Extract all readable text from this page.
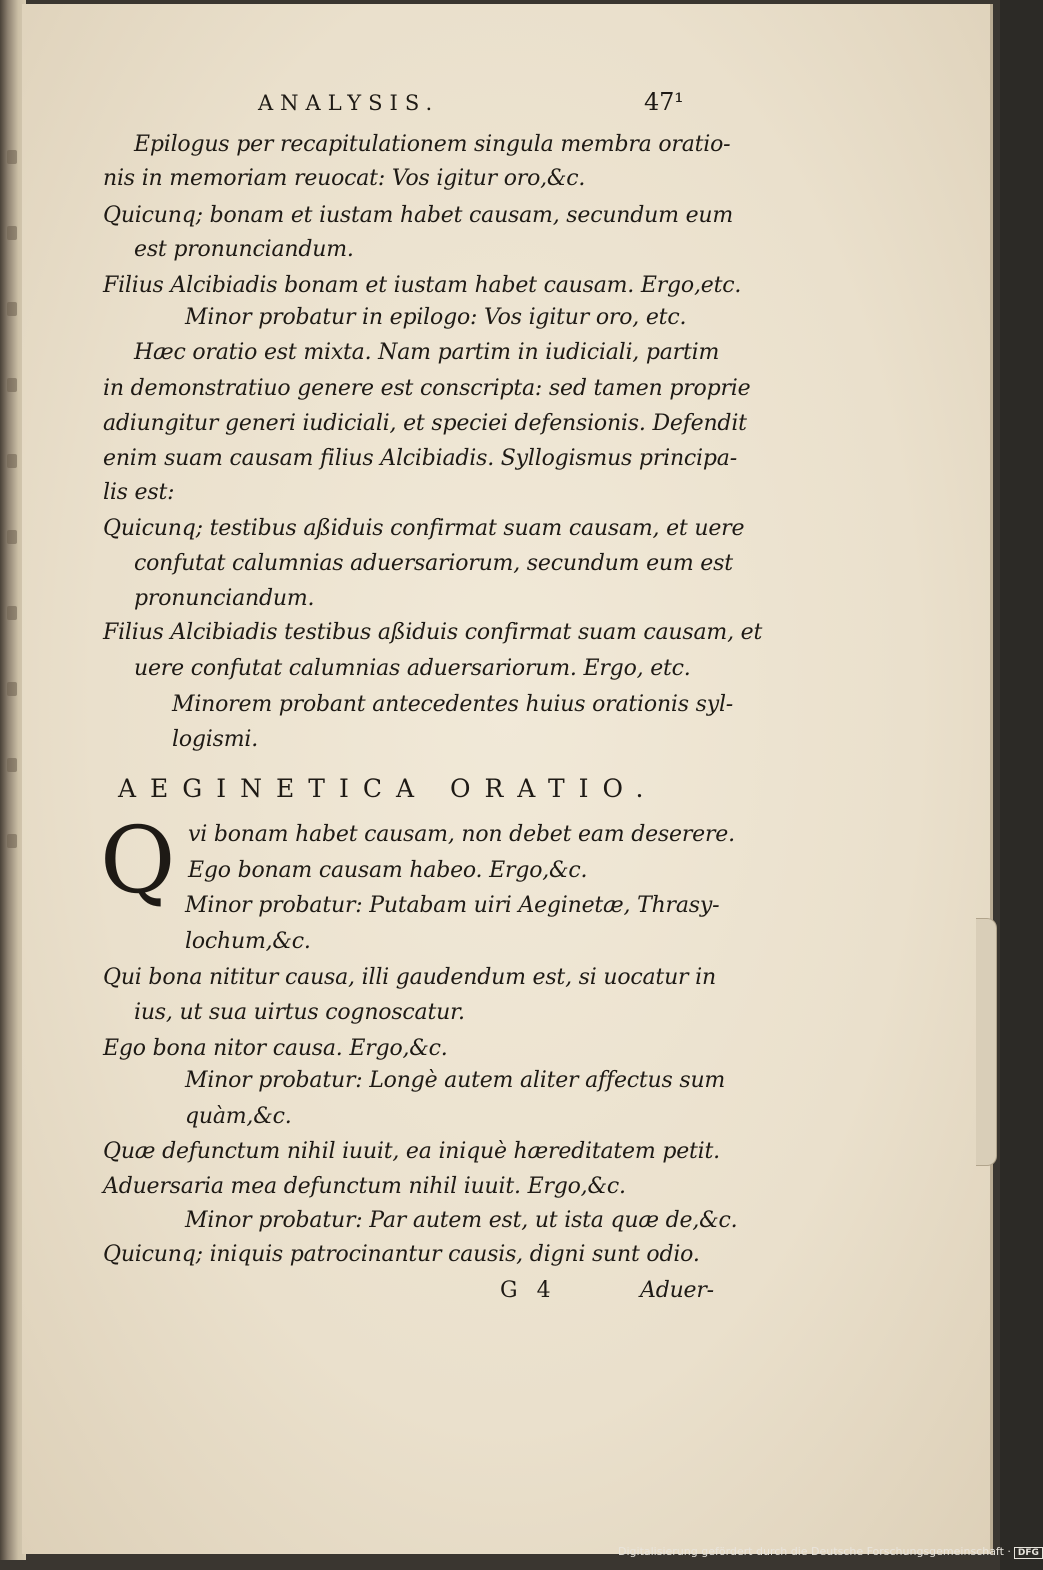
ANALYSIS.	47¹
Epilogus per recapitulationem singula membra oratio-
nis in memoriam reuocat: Vos igitur oro,&c.
Quicunq; bonam et iustam habet causam, secundum eum
est pronunciandum.
Filius Alcibiadis bonam et iustam habet causam. Ergo,etc.
Minor probatur in epilogo: Vos igitur oro, etc.
Hæc oratio est mixta. Nam partim in iudiciali, partim
in demonstratiuo genere est conscripta: sed tamen proprie
adiungitur generi iudiciali, et speciei defensionis. Defendit
enim suam causam filius Alcibiadis. Syllogismus principa-
lis est:
Quicunq; testibus aßiduis confirmat suam causam, et uere
confutat calumnias aduersariorum, secundum eum est
pronunciandum.
Filius Alcibiadis testibus aßiduis confirmat suam causam, et
uere confutat calumnias aduersariorum. Ergo, etc.
Minorem probant antecedentes huius orationis syl-
logismi.
AEGINETICA ORATIO.
Q vi bonam habet causam, non debet eam deserere.
Ego bonam causam habeo. Ergo,&c.
Minor probatur: Putabam uiri Aeginetæ, Thrasy-
lochum,&c.
Qui bona nititur causa, illi gaudendum est, si uocatur in
ius, ut sua uirtus cognoscatur.
Ego bona nitor causa. Ergo,&c.
Minor probatur: Longè autem aliter affectus sum
quàm,&c.
Quæ defunctum nihil iuuit, ea iniquè hæreditatem petit.
Aduersaria mea defunctum nihil iuuit. Ergo,&c.
Minor probatur: Par autem est, ut ista quæ de,&c.
Quicunq; iniquis patrocinantur causis, digni sunt odio.
G 4	Aduer-
Digitalisierung gefördert durch die Deutsche Forschungsgemeinschaft · DFG
